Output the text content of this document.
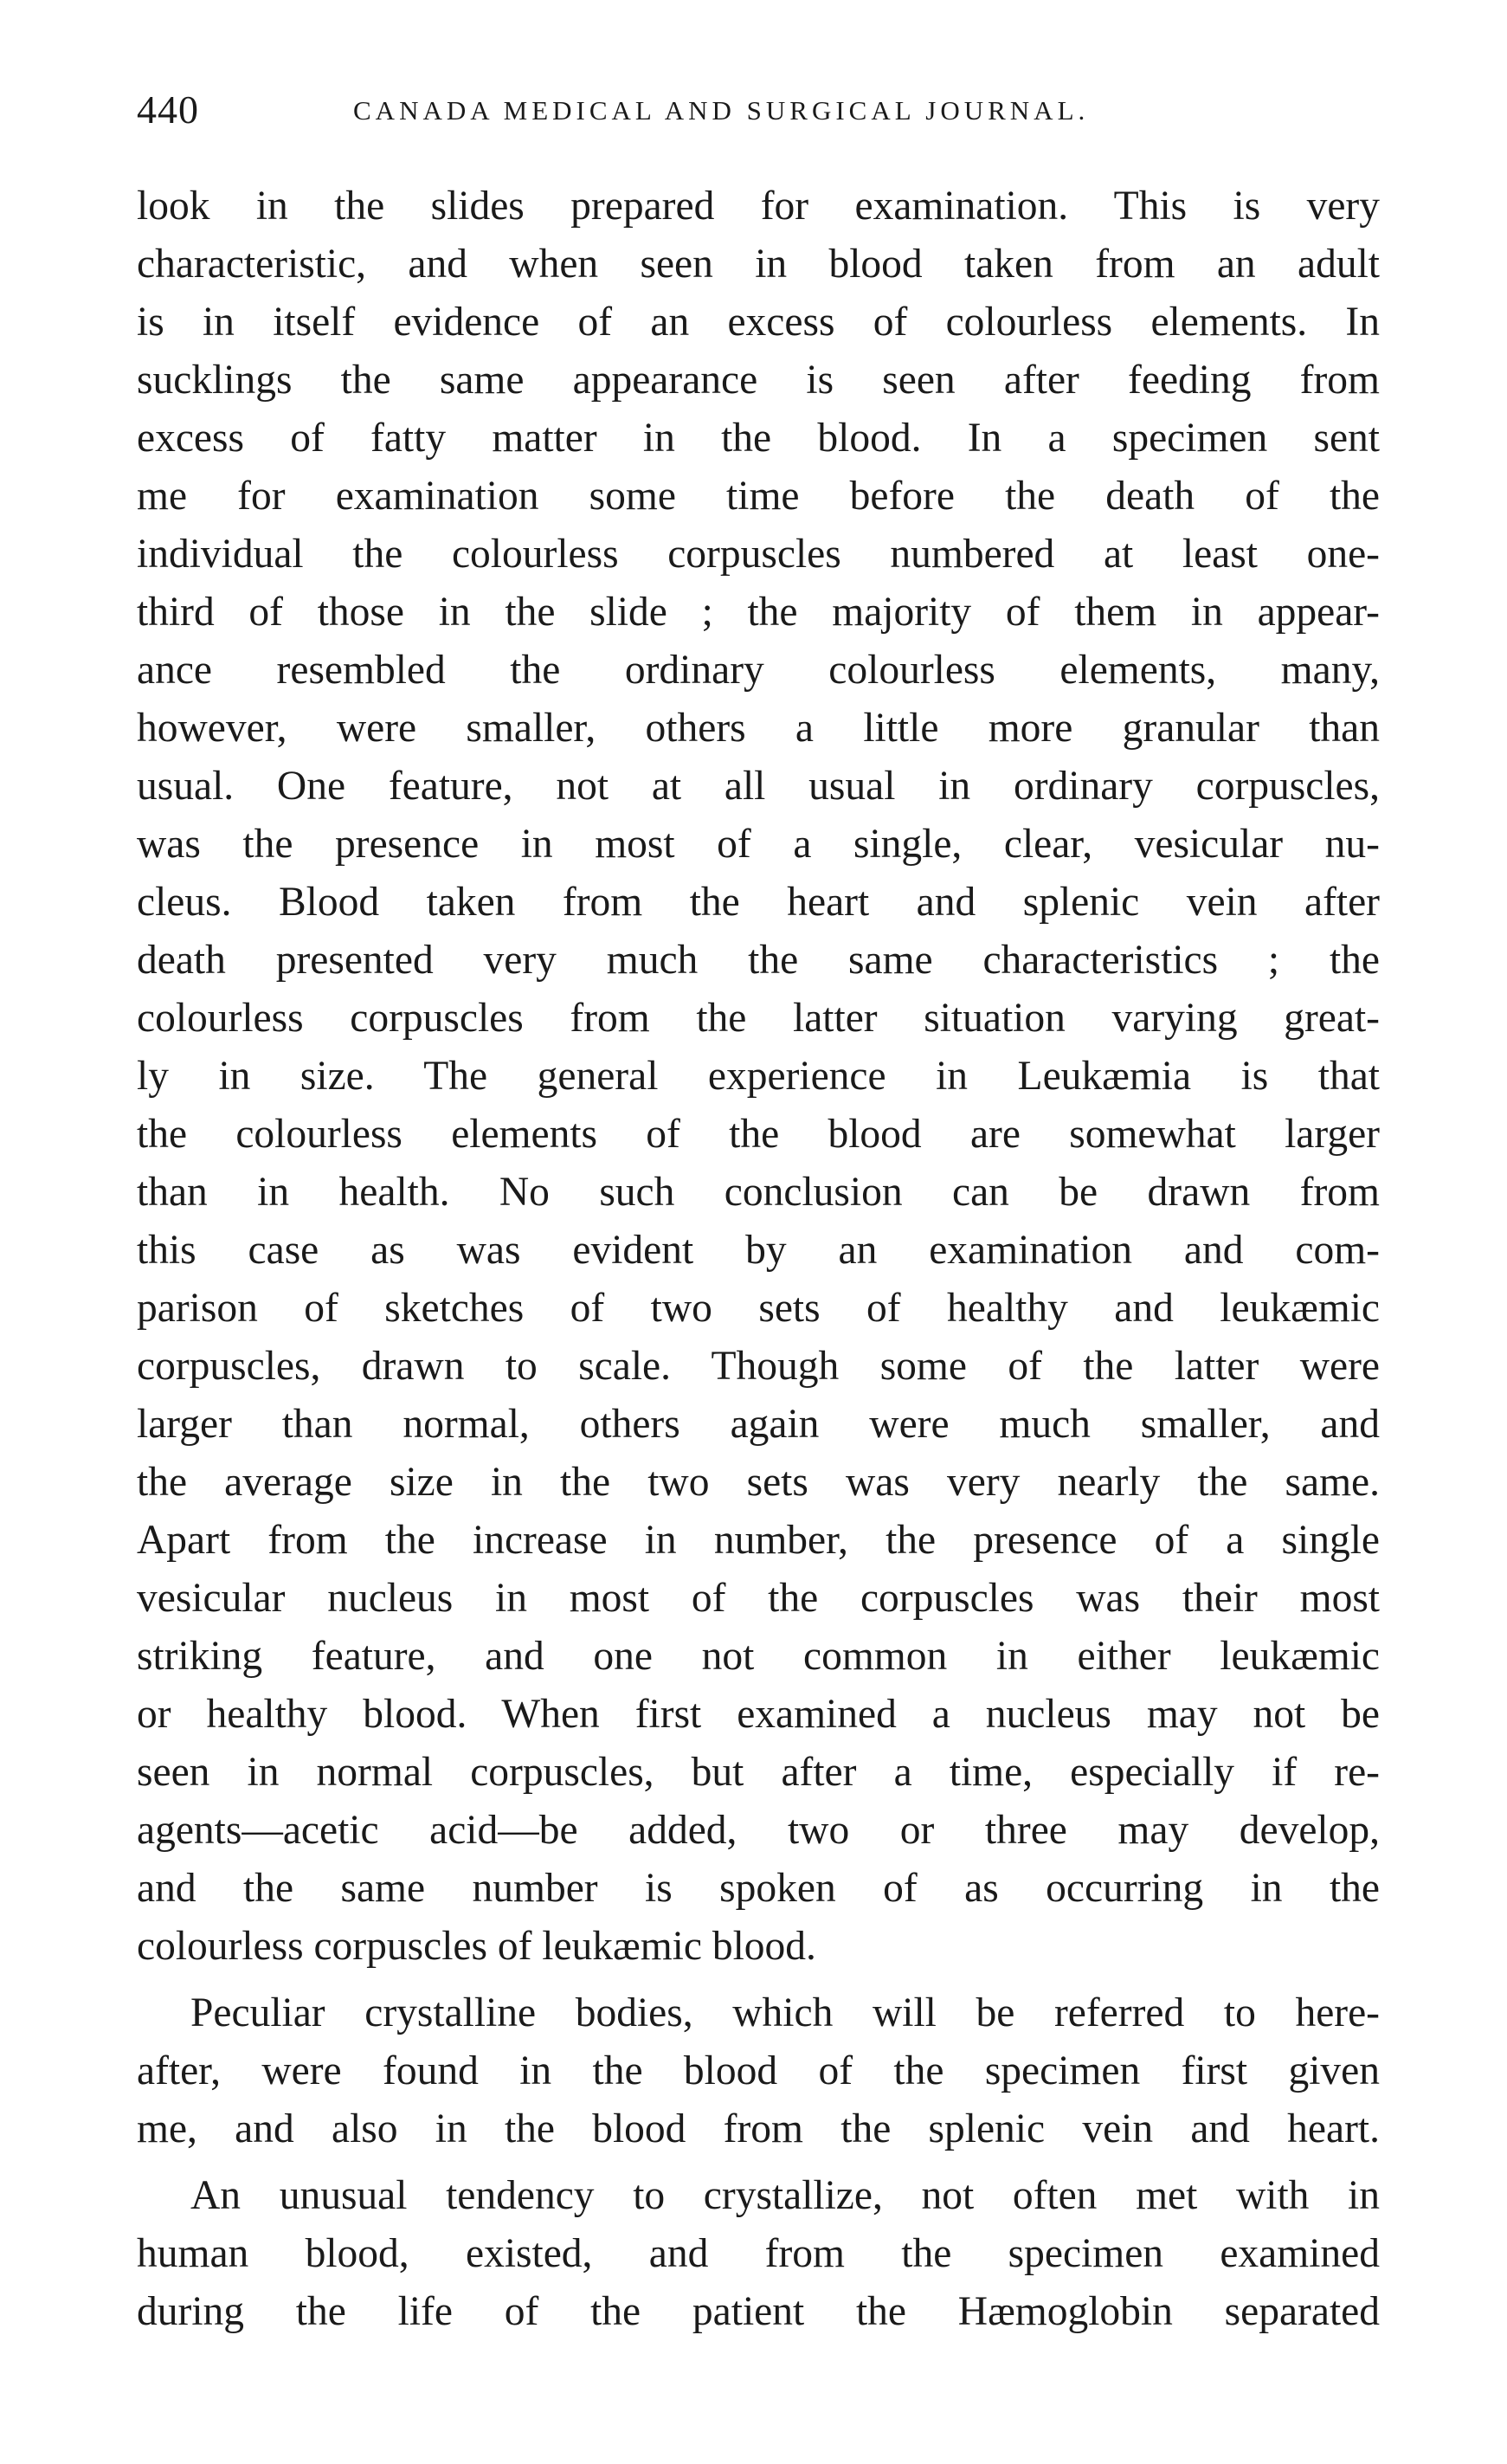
440	CANADA MEDICAL AND SURGICAL JOURNAL.
look in the slides prepared for examination. This is very
characteristic, and when seen in blood taken from an adult
is in itself evidence of an excess of colourless elements. In
sucklings the same appearance is seen after feeding from
excess of fatty matter in the blood. In a specimen sent
me for examination some time before the death of the
individual the colourless corpuscles numbered at least one-
third of those in the slide ; the majority of them in appear-
ance resembled the ordinary colourless elements, many,
however, were smaller, others a little more granular than
usual. One feature, not at all usual in ordinary corpuscles,
was the presence in most of a single, clear, vesicular nu-
cleus. Blood taken from the heart and splenic vein after
death presented very much the same characteristics ; the
colourless corpuscles from the latter situation varying great-
ly in size. The general experience in Leukæmia is that
the colourless elements of the blood are somewhat larger
than in health. No such conclusion can be drawn from
this case as was evident by an examination and com-
parison of sketches of two sets of healthy and leukæmic
corpuscles, drawn to scale. Though some of the latter were
larger than normal, others again were much smaller, and
the average size in the two sets was very nearly the same.
Apart from the increase in number, the presence of a single
vesicular nucleus in most of the corpuscles was their most
striking feature, and one not common in either leukæmic
or healthy blood. When first examined a nucleus may not be
seen in normal corpuscles, but after a time, especially if re-
agents—acetic acid—be added, two or three may develop,
and the same number is spoken of as occurring in the
colourless corpuscles of leukæmic blood.
Peculiar crystalline bodies, which will be referred to here-
after, were found in the blood of the specimen first given
me, and also in the blood from the splenic vein and heart.
An unusual tendency to crystallize, not often met with in
human blood, existed, and from the specimen examined
during the life of the patient the Hæmoglobin separated
